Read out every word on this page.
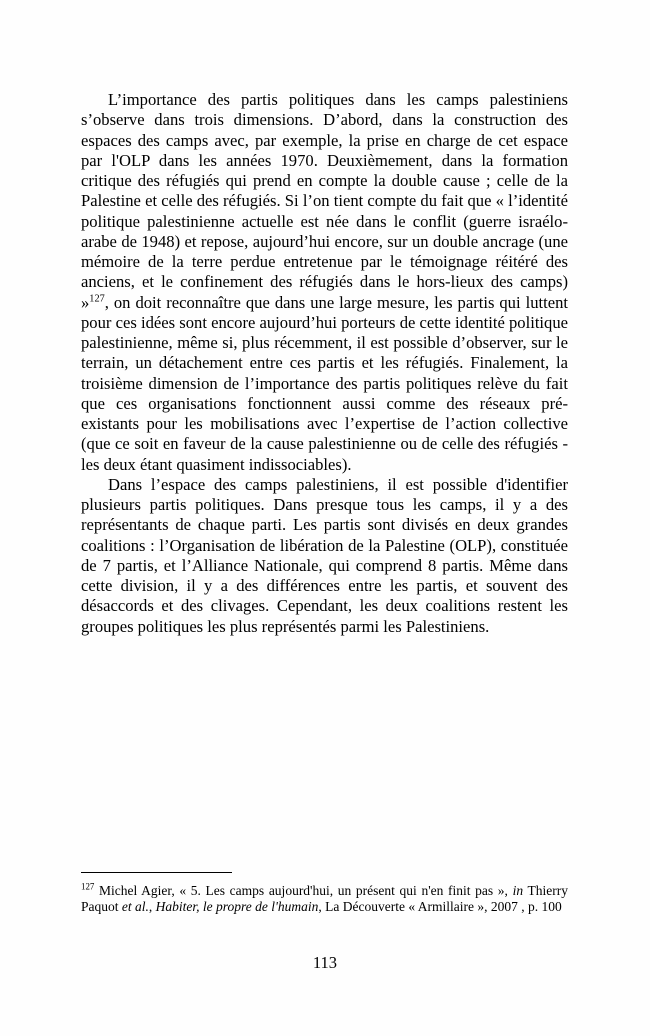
L’importance des partis politiques dans les camps palestiniens s’observe dans trois dimensions. D’abord, dans la construction des espaces des camps avec, par exemple, la prise en charge de cet espace par l'OLP dans les années 1970. Deuxièmement, dans la formation critique des réfugiés qui prend en compte la double cause ; celle de la Palestine et celle des réfugiés. Si l’on tient compte du fait que « l’identité politique palestinienne actuelle est née dans le conflit (guerre israélo-arabe de 1948) et repose, aujourd’hui encore, sur un double ancrage (une mémoire de la terre perdue entretenue par le témoignage réitéré des anciens, et le confinement des réfugiés dans le hors-lieux des camps) »$^{127}$, on doit reconnaître que dans une large mesure, les partis qui luttent pour ces idées sont encore aujourd’hui porteurs de cette identité politique palestinienne, même si, plus récemment, il est possible d’observer, sur le terrain, un détachement entre ces partis et les réfugiés. Finalement, la troisième dimension de l’importance des partis politiques relève du fait que ces organisations fonctionnent aussi comme des réseaux pré-existants pour les mobilisations avec l’expertise de l’action collective (que ce soit en faveur de la cause palestinienne ou de celle des réfugiés - les deux étant quasiment indissociables).

Dans l’espace des camps palestiniens, il est possible d'identifier plusieurs partis politiques. Dans presque tous les camps, il y a des représentants de chaque parti. Les partis sont divisés en deux grandes coalitions : l’Organisation de libération de la Palestine (OLP), constituée de 7 partis, et l’Alliance Nationale, qui comprend 8 partis. Même dans cette division, il y a des différences entre les partis, et souvent des désaccords et des clivages. Cependant, les deux coalitions restent les groupes politiques les plus représentés parmi les Palestiniens.

$^{127}$ Michel Agier, « 5. Les camps aujourd'hui, un présent qui n'en finit pas », in Thierry Paquot et al., Habiter, le propre de l'humain, La Découverte « Armillaire », 2007 , p. 100

113
